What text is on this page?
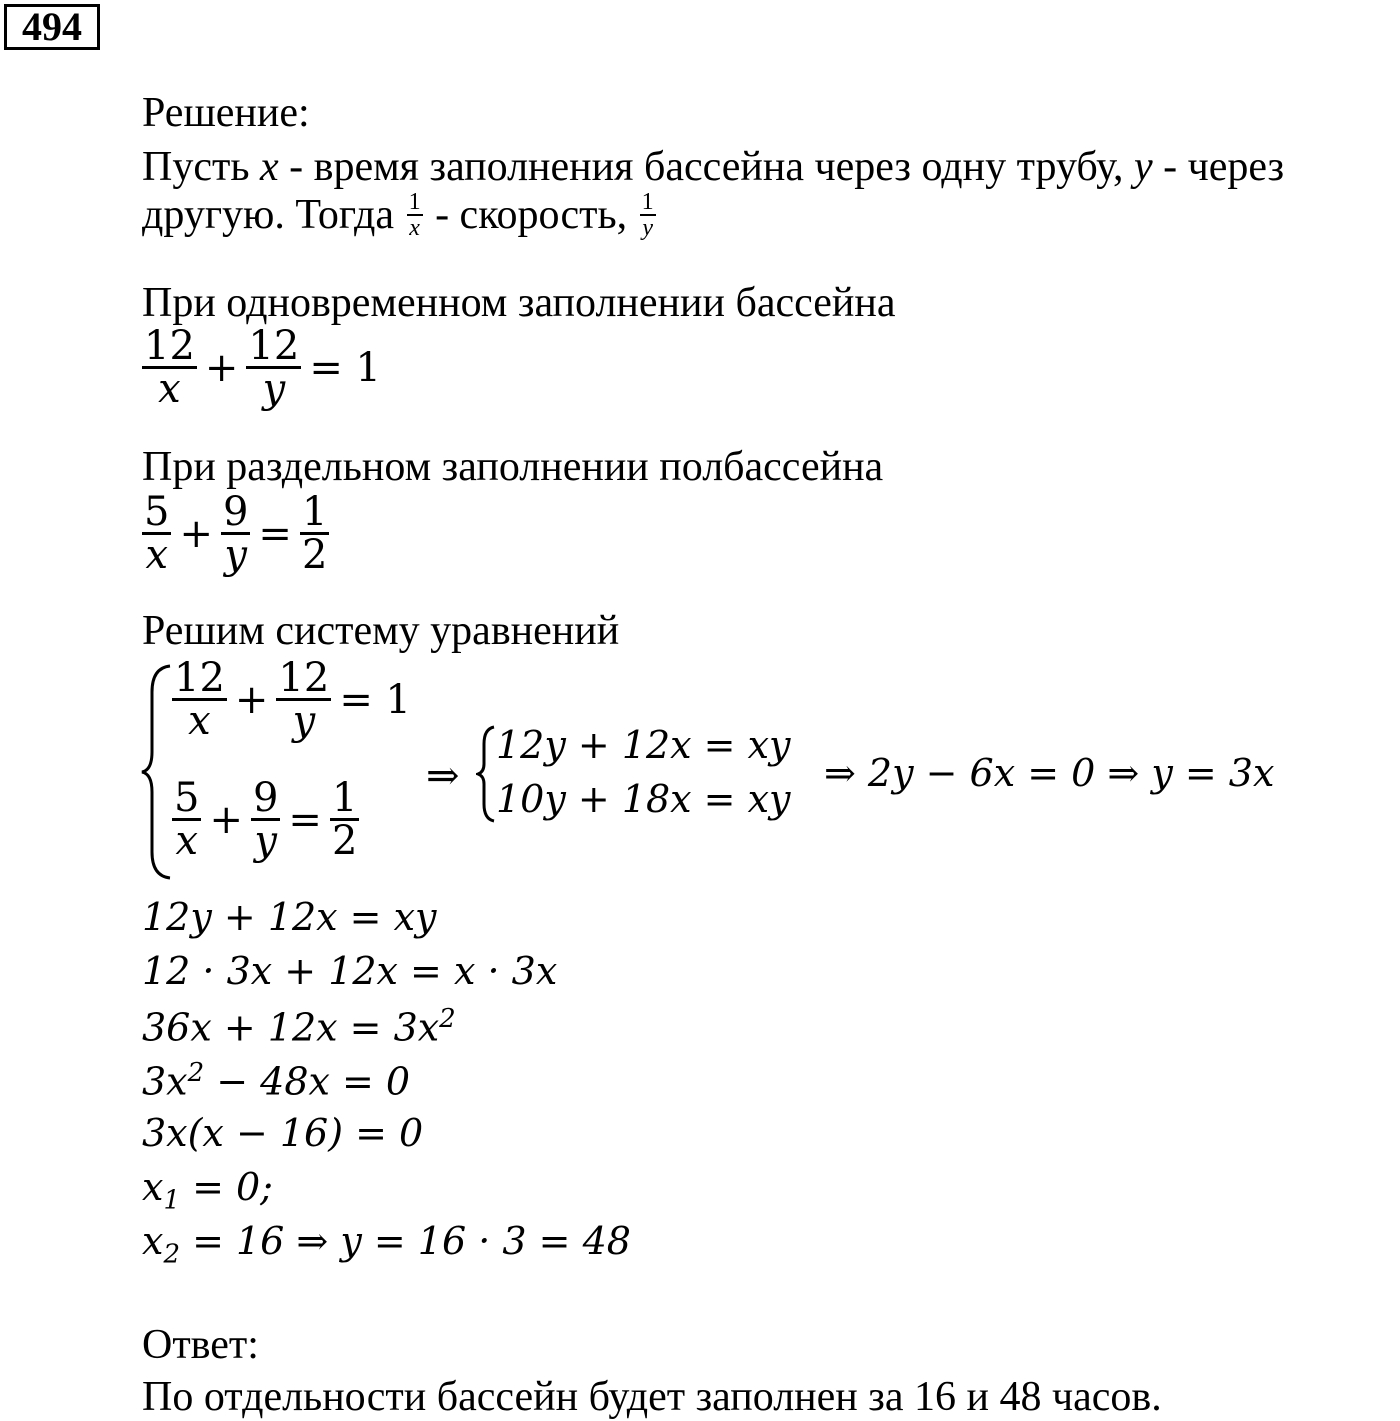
494
Решение:
Пусть x - время заполнения бассейна через одну трубу, y - через
другую. Тогда $\frac{1}{x}$ - скорость, $\frac{1}{y}$
При одновременном заполнении бассейна
$\frac{12}{x} + \frac{12}{y} = 1$
При раздельном заполнении полбассейна
$\frac{5}{x} + \frac{9}{y} = \frac{1}{2}$
Решим систему уравнений
$\frac{12}{x} + \frac{12}{y} = 1$
$\frac{5}{x} + \frac{9}{y} = \frac{1}{2}$
⇒
12y + 12x = xy
10y + 18x = xy
⇒ 2y − 6x = 0 ⇒ y = 3x
12y + 12x = xy
12 · 3x + 12x = x · 3x
$36x + 12x = 3x^2$
$3x^2 - 48x = 0$
3x(x − 16) = 0
$x_1 = 0$;
$x_2 = 16$ ⇒ y = 16 · 3 = 48
Ответ:
По отдельности бассейн будет заполнен за 16 и 48 часов.
